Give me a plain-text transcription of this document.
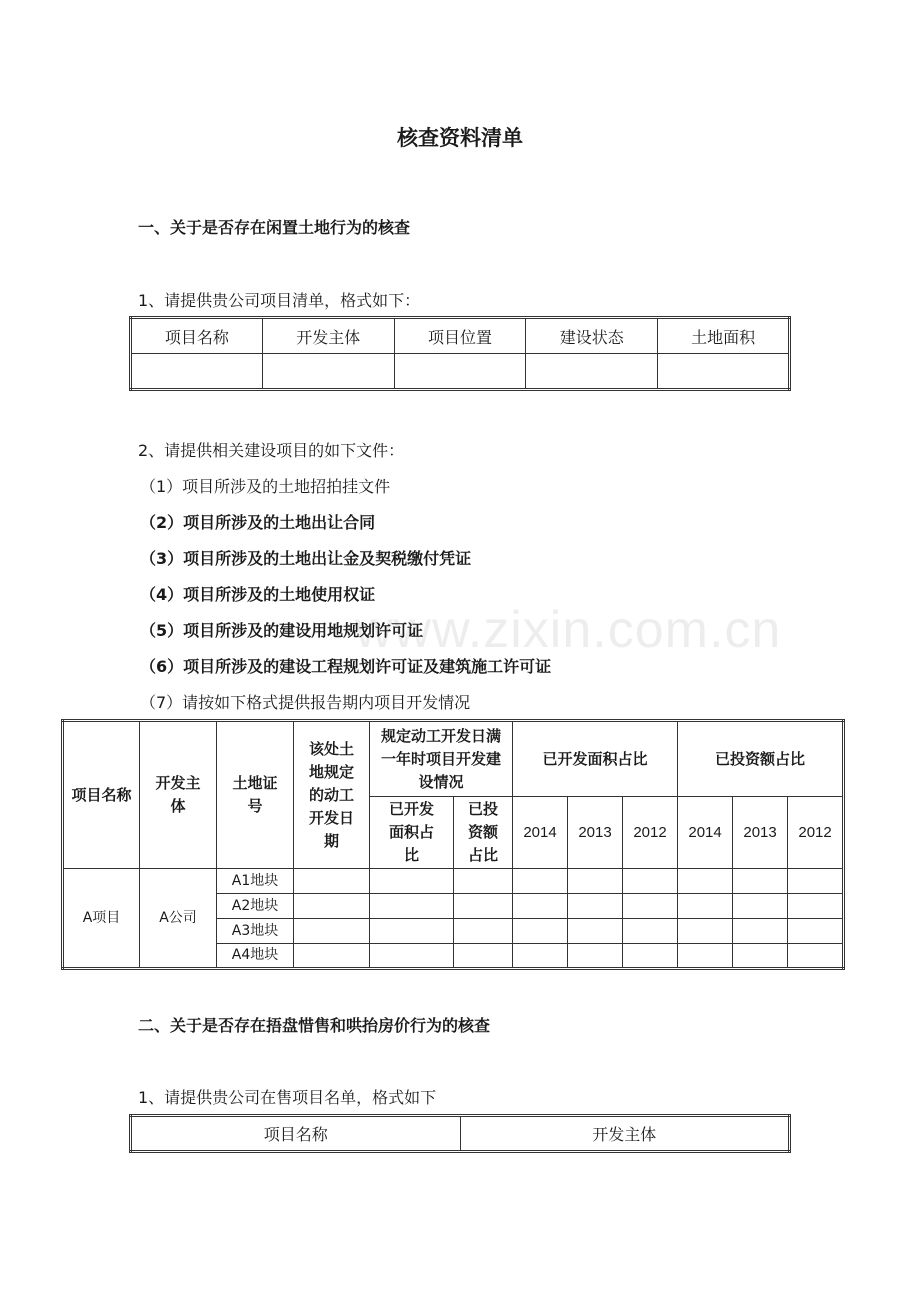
www.zixin.com.cn
核查资料清单
一、关于是否存在闲置土地行为的核查
1、请提供贵公司项目清单，格式如下：
项目名称	开发主体	项目位置	建设状态	土地面积

2、请提供相关建设项目的如下文件：
（1）项目所涉及的土地招拍挂文件
（2）项目所涉及的土地出让合同
（3）项目所涉及的土地出让金及契税缴付凭证
（4）项目所涉及的土地使用权证
（5）项目所涉及的建设用地规划许可证
（6）项目所涉及的建设工程规划许可证及建筑施工许可证
（7）请按如下格式提供报告期内项目开发情况
项目名称	开发主体	土地证号	该处土地规定的动工开发日期	规定动工开发日满一年时项目开发建设情况		已开发面积占比			已投资额占比		

				已开发面积占比	已投资额占比	2014	2013	2012	2014	2013	2012
A项目	A公司	A1地块									
		A2地块									
		A3地块									
		A4地块									
二、关于是否存在捂盘惜售和哄抬房价行为的核查
1、请提供贵公司在售项目名单，格式如下
项目名称	开发主体
